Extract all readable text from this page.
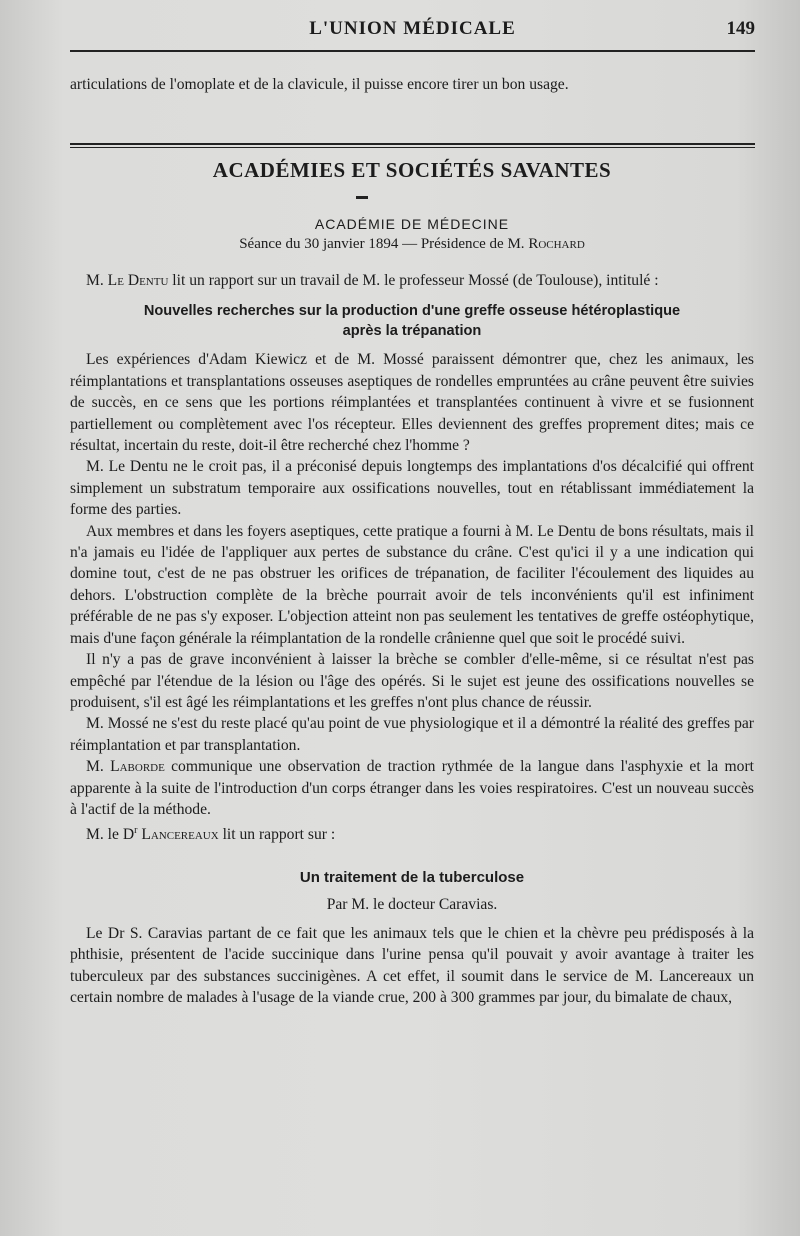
L'UNION MÉDICALE	149

articulations de l'omoplate et de la clavicule, il puisse encore tirer un bon usage.

ACADÉMIES ET SOCIÉTÉS SAVANTES
ACADÉMIE DE MÉDECINE
Séance du 30 janvier 1894 — Présidence de M. Rochard

M. Le Dentu lit un rapport sur un travail de M. le professeur Mossé (de Toulouse), intitulé :

Nouvelles recherches sur la production d'une greffe osseuse hétéroplastique
après la trépanation

Les expériences d'Adam Kiewicz et de M. Mossé paraissent démontrer que, chez les animaux, les réimplantations et transplantations osseuses aseptiques de rondelles empruntées au crâne peuvent être suivies de succès, en ce sens que les portions réimplantées et transplantées continuent à vivre et se fusionnent partiellement ou complètement avec l'os récepteur. Elles deviennent des greffes proprement dites; mais ce résultat, incertain du reste, doit-il être recherché chez l'homme ?

M. Le Dentu ne le croit pas, il a préconisé depuis longtemps des implantations d'os décalcifié qui offrent simplement un substratum temporaire aux ossifications nouvelles, tout en rétablissant immédiatement la forme des parties.

Aux membres et dans les foyers aseptiques, cette pratique a fourni à M. Le Dentu de bons résultats, mais il n'a jamais eu l'idée de l'appliquer aux pertes de substance du crâne. C'est qu'ici il y a une indication qui domine tout, c'est de ne pas obstruer les orifices de trépanation, de faciliter l'écoulement des liquides au dehors. L'obstruction complète de la brèche pourrait avoir de tels inconvénients qu'il est infiniment préférable de ne pas s'y exposer. L'objection atteint non pas seulement les tentatives de greffe ostéophytique, mais d'une façon générale la réimplantation de la rondelle crânienne quel que soit le procédé suivi.

Il n'y a pas de grave inconvénient à laisser la brèche se combler d'elle-même, si ce résultat n'est pas empêché par l'étendue de la lésion ou l'âge des opérés. Si le sujet est jeune des ossifications nouvelles se produisent, s'il est âgé les réimplantations et les greffes n'ont plus chance de réussir.

M. Mossé ne s'est du reste placé qu'au point de vue physiologique et il a démontré la réalité des greffes par réimplantation et par transplantation.

M. Laborde communique une observation de traction rythmée de la langue dans l'asphyxie et la mort apparente à la suite de l'introduction d'un corps étranger dans les voies respiratoires. C'est un nouveau succès à l'actif de la méthode.

M. le $D^r$ Lancereaux lit un rapport sur :

Un traitement de la tuberculose
Par M. le docteur Caravias.

Le Dr S. Caravias partant de ce fait que les animaux tels que le chien et la chèvre peu prédisposés à la phthisie, présentent de l'acide succinique dans l'urine pensa qu'il pouvait y avoir avantage à traiter les tuberculeux par des substances succinigènes. A cet effet, il soumit dans le service de M. Lancereaux un certain nombre de malades à l'usage de la viande crue, 200 à 300 grammes par jour, du bimalate de chaux,
